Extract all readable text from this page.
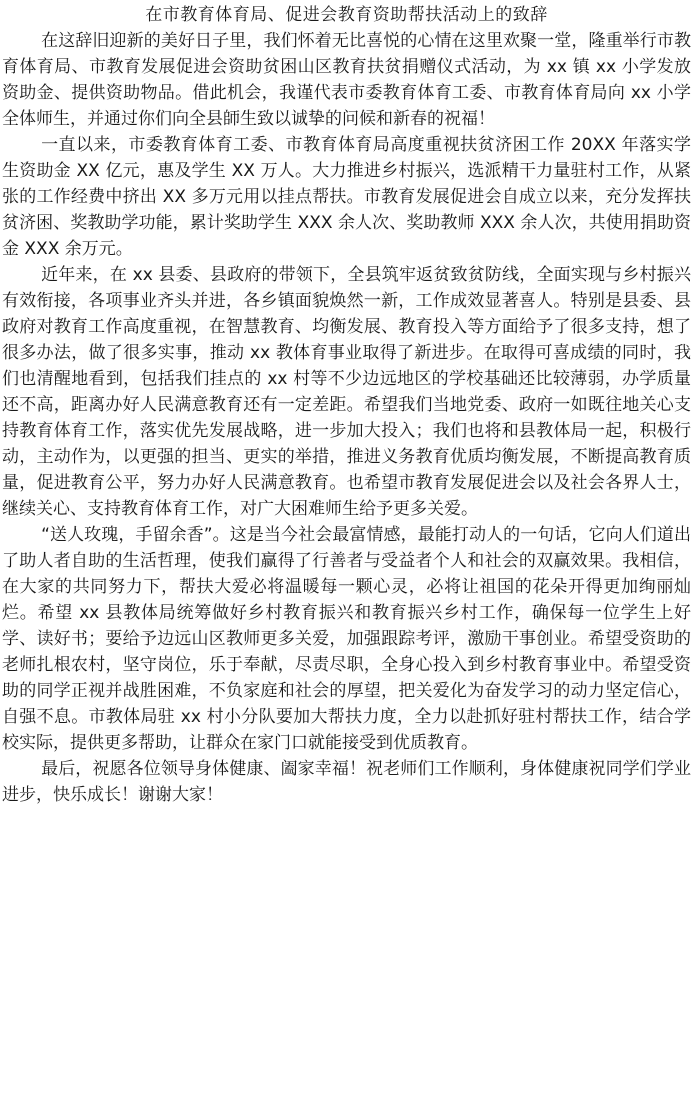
在市教育体育局、促进会教育资助帮扶活动上的致辞

在这辞旧迎新的美好日子里，我们怀着无比喜悦的心情在这里欢聚一堂，隆重举行市教育体育局、市教育发展促进会资助贫困山区教育扶贫捐赠仪式活动，为 xx 镇 xx 小学发放资助金、提供资助物品。借此机会，我谨代表市委教育体育工委、市教育体育局向 xx 小学全体师生，并通过你们向全县師生致以诚挚的问候和新春的祝福！

一直以来，市委教育体育工委、市教育体育局高度重视扶贫济困工作 20XX 年落实学生资助金 XX 亿元，惠及学生 XX 万人。大力推进乡村振兴，选派精干力量驻村工作，从紧张的工作经费中挤出 XX 多万元用以挂点帮扶。市教育发展促进会自成立以来，充分发挥扶贫济困、奖教助学功能，累计奖助学生 XXX 余人次、奖助教师 XXX 余人次，共使用捐助资金 XXX 余万元。

近年来，在 xx 县委、县政府的带领下，全县筑牢返贫致贫防线，全面实现与乡村振兴有效衔接，各项事业齐头并进，各乡镇面貌焕然一新，工作成效显著喜人。特别是县委、县政府对教育工作高度重视，在智慧教育、均衡发展、教育投入等方面给予了很多支持，想了很多办法，做了很多实事，推动 xx 教体育事业取得了新进步。在取得可喜成绩的同时，我们也清醒地看到，包括我们挂点的 xx 村等不少边远地区的学校基础还比较薄弱，办学质量还不高，距离办好人民满意教育还有一定差距。希望我们当地党委、政府一如既往地关心支持教育体育工作，落实优先发展战略，进一步加大投入；我们也将和县教体局一起，积极行动，主动作为，以更强的担当、更实的举措，推进义务教育优质均衡发展，不断提高教育质量，促进教育公平，努力办好人民满意教育。也希望市教育发展促进会以及社会各界人士，继续关心、支持教育体育工作，对广大困难师生给予更多关爱。

“送人玫瑰，手留余香”。这是当今社会最富情感，最能打动人的一句话，它向人们道出了助人者自助的生活哲理，使我们赢得了行善者与受益者个人和社会的双赢效果。我相信，在大家的共同努力下，帮扶大爱必将温暖每一颗心灵，必将让祖国的花朵开得更加绚丽灿烂。希望 xx 县教体局统筹做好乡村教育振兴和教育振兴乡村工作，确保每一位学生上好学、读好书；要给予边远山区教师更多关爱，加强跟踪考评，激励干事创业。希望受资助的老师扎根农村，坚守岗位，乐于奉献，尽责尽职，全身心投入到乡村教育事业中。希望受资助的同学正视并战胜困难，不负家庭和社会的厚望，把关爱化为奋发学习的动力坚定信心，自强不息。市教体局驻 xx 村小分队要加大帮扶力度，全力以赴抓好驻村帮扶工作，结合学校实际，提供更多帮助，让群众在家门口就能接受到优质教育。

最后，祝愿各位领导身体健康、阖家幸福！祝老师们工作顺利，身体健康祝同学们学业进步，快乐成长！谢谢大家！
